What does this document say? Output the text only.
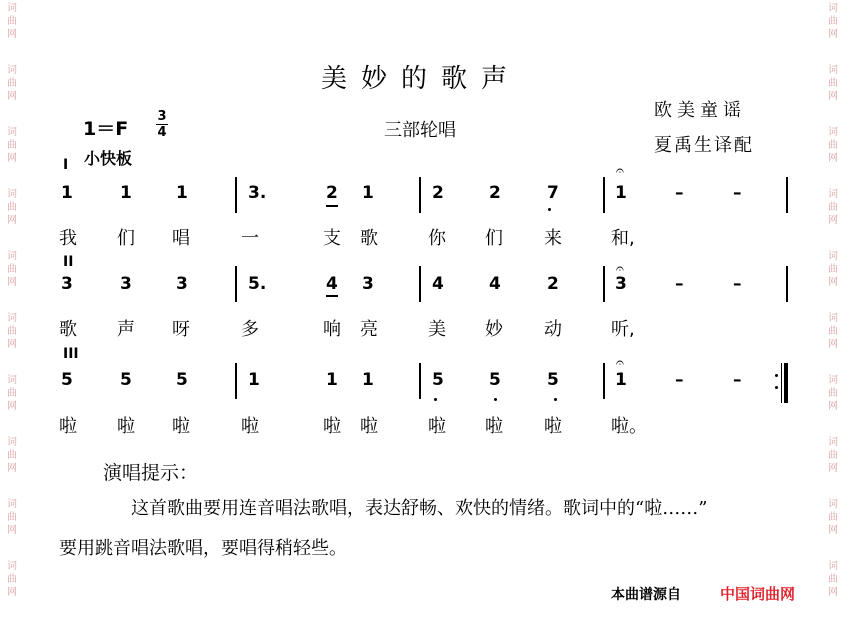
词
曲
网
词
曲
网
词
曲
网
词
曲
网
词
曲
网
词
曲
网
词
曲
网
词
曲
网
词
曲
网
词
曲
网
词
曲
网
词
曲
网
词
曲
网
词
曲
网
词
曲
网
词
曲
网
词
曲
网
词
曲
网
词
曲
网
词
曲
网
美妙的歌声
1＝F
3
4	三部轮唱
小快板
欧美童谣
夏禹生译配
I
1	1	1	3.	2 1	2	2	7	1	–	–
我 们 唱	一	支 歌	你 们 来	和,
II
3	3	3	5.	4 3	4	4	2	3	–	–
歌 声 呀	多	响 亮	美 妙 动	听,
III
5	5	5	1	1 1	5	5	5	1	–	–
啦 啦 啦	啦	啦 啦	啦 啦 啦	啦。
𝄐
𝄐
𝄐
演唱提示：
这首歌曲要用连音唱法歌唱，表达舒畅、欢快的情绪。歌词中的“啦……”
要用跳音唱法歌唱，要唱得稍轻些。
本曲谱源自	中国词曲网
